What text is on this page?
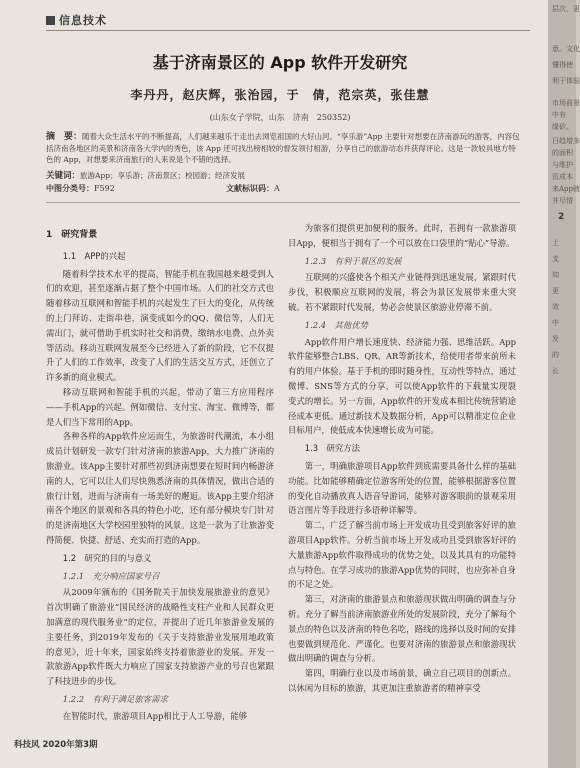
信息技术
基于济南景区的 App 软件开发研究
李丹丹，赵庆辉，张治园，于　倩，范宗英，张佳慧
(山东女子学院，山东　济南　250352)
摘　要：随着大众生活水平的不断提高，人们越来越乐于走出去浏览祖国的大好山河。“享乐游”App 主要针对想要在济南游玩的游客，内容包括济南各地区的美景和济南各大学内的秀色，该 App 还可找出榜相较的督发领付相游，分享自己的旅游动态并获得评论。这是一款较具地方特色的 App，对想要来济南旅行的人来说是个不错的选择。
关键词：旅游App；享乐游；济南景区；校园游；经济发展
中图分类号：F592	文献标识码：A
1　研究背景
1.1　APP的兴起

随着科学技术水平的提高，智能手机在我国越来越受到人们的欢迎，甚至逐渐占据了整个中国市场。人们的社交方式也随着移动互联网和智能手机的兴起发生了巨大的变化，从传统的上门拜访、走街串巷，演变成如今的QQ、微信等，人们无需出门，就可借助手机实时社交和消费，缴纳水电费、点外卖等活动。移动互联网发展至今已经进入了新的阶段，它不仅提升了人们的工作效率，改变了人们的生活交互方式，还创立了许多新的商业模式。

移动互联网和智能手机的兴起，带动了第三方应用程序——手机App的兴起。例如微信、支付宝、淘宝、微博等，都是人们当下常用的App。

各种各样的App软件应运而生，为旅游时代潮流，本小组成员计划研发一款专门针对济南的旅游App，大力推广济南的旅游业。该App主要针对那些初到济南想要在短时间内畅游济南的人，它可以让人们尽快熟悉济南的具体情况，做出合适的旅行计划，进而与济南有一场美好的邂逅。该App主要介绍济南各个地区的景观和各具的特色小吃，还有部分模块专门针对的是济南地区大学校园里独特的风景。这是一款为了让旅游变得简便、快捷、舒适、充实而打造的App。

1.2　研究的目的与意义
1.2.1　充分响应国家号召

从2009年颁布的《国务院关于加快发展旅游业的意见》首次明确了旅游业“国民经济的战略性支柱产业和人民群众更加满意的现代服务业”的定位，并提出了近几年旅游业发展的主要任务，到2019年发布的《关于支持旅游业发展用地政策的意见》，近十年来，国家始终支持着旅游业的发展。开发一款旅游App软件既大力响应了国家支持旅游产业的号召也紧跟了科技进步的步伐。

1.2.2　有利于满足旅客需求

在智能时代，旅游项目App相比于人工导游，能够

为旅客们提供更加便利的服务。此时，若拥有一款旅游项目App，便相当于拥有了一个可以放在口袋里的“贴心”导游。

1.2.3　有利于景区的发展

互联网的兴盛使各个相关产业链得到迅速发展，紧跟时代步伐，积极顺应互联网的发展，将会为景区发展带来重大突破。若不紧跟时代发展，势必会使景区旅游业停滞不前。

1.2.4　其他优势

App软件用户增长速度快、经济能力强、思维活跃。App软件能够整合LBS、QR、AR等新技术，给使用者带来前所未有的用户体验。基于手机的即时随身性，互动性等特点，通过微博、SNS等方式的分享，可以使App软件的下载量实现裂变式的增长。另一方面，App软件的开发成本相比传统营销途径成本更低。通过新技术及数据分析，App可以精准定位企业目标用户，使低成本快速增长成为可能。

1.3　研究方法

第一，明确旅游项目App软件到底需要具备什么样的基础功能。比如能够精确定位游客所处的位置，能够根据游客位置的变化自动播放真人语音导游词，能够对游客眼前的景观采用语言图片等手段进行多语种详解等。

第二，广泛了解当前市场上开发成功且受到旅客好评的旅游项目App软件。分析当前市场上开发成功且受到旅客好评的大量旅游App软件取得成功的优势之处，以及其具有的功能特点与特色。在学习成功的旅游App优势的同时，也应弥补自身的不足之处。

第三，对济南的旅游景点和旅游现状做出明确的调查与分析。充分了解当前济南旅游业所处的发展阶段，充分了解每个景点的特色以及济南的特色名吃，路线的选择以及时间的安排也要做到规范化、严谨化。也要对济南的旅游景点和旅游现状做出明确的调查与分析。

第四，明确行业以及市场前景，确立自己项目的创新点。以休闲为目标的旅游，其更加注重旅游者的精神享受

科技风 2020年第3期
层次，更
意。文化
懂得使
利于体验
市场前景
中有
缘矽。
日趋增多
的面积
与维护
资成本
来App就
并尽情
2
上
支
知
更
效
中
发
的
长
